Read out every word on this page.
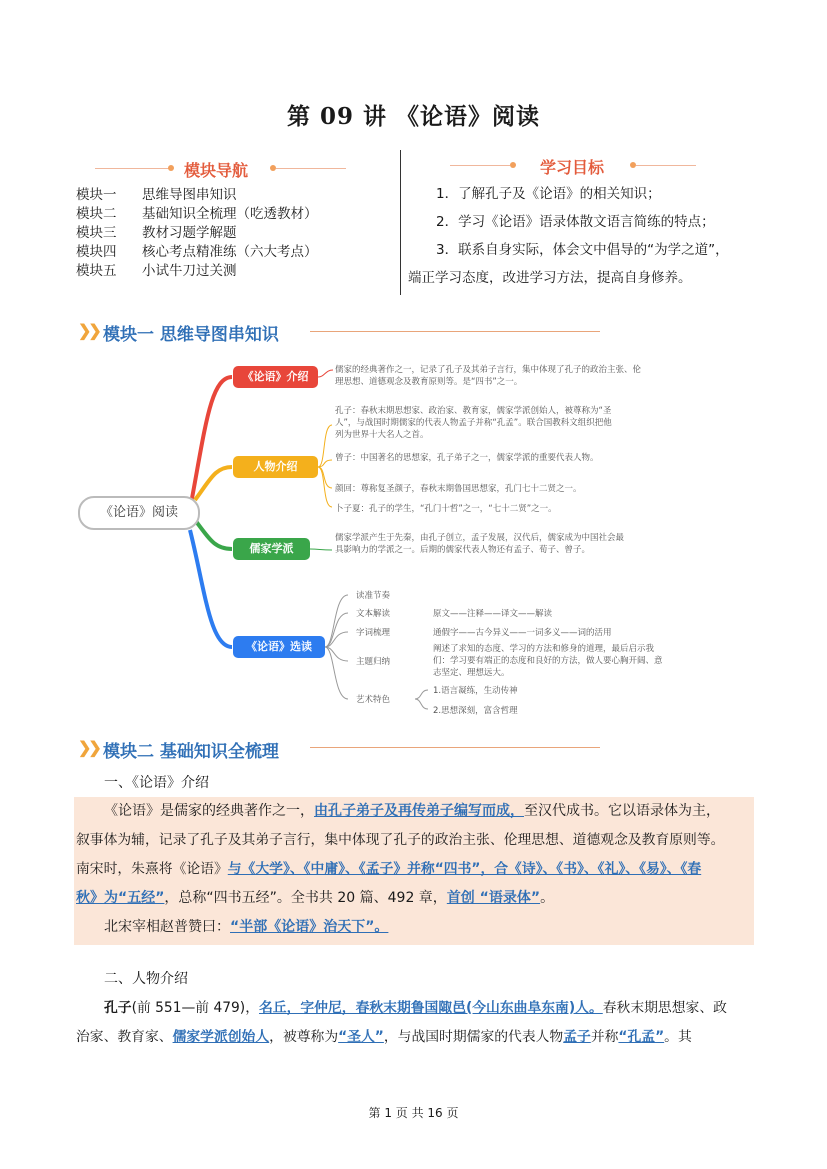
第 09 讲 《论语》阅读
模块导航
模块一	思维导图串知识
模块二	基础知识全梳理（吃透教材）
模块三	教材习题学解题
模块四	核心考点精准练（六大考点）
模块五	小试牛刀过关测
学习目标
1．了解孔子及《论语》的相关知识；
2．学习《论语》语录体散文语言简练的特点；
3．联系自身实际，体会文中倡导的“为学之道”，
端正学习态度，改进学习方法，提高自身修养。
❯❯ 模块一 思维导图串知识
《论语》阅读
《论语》介绍	儒家的经典著作之一，记录了孔子及其弟子言行，集中体现了孔子的政治主张、伦理思想、道德观念及教育原则等。是“四书”之一。
人物介绍
孔子：春秋末期思想家、政治家、教育家，儒家学派创始人，被尊称为“圣人”，与战国时期儒家的代表人物孟子并称“孔孟”。联合国教科文组织把他列为世界十大名人之首。
曾子：中国著名的思想家，孔子弟子之一，儒家学派的重要代表人物。
颜回：尊称复圣颜子，春秋末期鲁国思想家，孔门七十二贤之一。
卜子夏：孔子的学生，“孔门十哲”之一，“七十二贤”之一。
儒家学派
儒家学派产生于先秦，由孔子创立，孟子发展，汉代后，儒家成为中国社会最具影响力的学派之一。后期的儒家代表人物还有孟子、荀子、曾子。
《论语》选读
读准节奏
文本解读
字词梳理
主题归纳
艺术特色
原文——注释——译文——解读
通假字——古今异义——一词多义——词的活用
阐述了求知的态度、学习的方法和修身的道理，最后启示我们：学习要有端正的态度和良好的方法，做人要心胸开阔、意志坚定、理想远大。
1.语言凝练，生动传神
2.思想深刻，富含哲理
❯❯ 模块二 基础知识全梳理
一、《论语》介绍
《论语》是儒家的经典著作之一，由孔子弟子及再传弟子编写而成，至汉代成书。它以语录体为主，
叙事体为辅，记录了孔子及其弟子言行，集中体现了孔子的政治主张、伦理思想、道德观念及教育原则等。
南宋时，朱熹将《论语》与《大学》、《中庸》、《孟子》并称“四书”，合《诗》、《书》、《礼》、《易》、《春
秋》为“五经”，总称“四书五经”。全书共 20 篇、492 章，首创 “语录体”。
北宋宰相赵普赞曰：“半部《论语》治天下”。
二、人物介绍
孔子(前 551—前 479)，名丘，字仲尼，春秋末期鲁国陬邑(今山东曲阜东南)人。春秋末期思想家、政
治家、教育家、儒家学派创始人，被尊称为“圣人”，与战国时期儒家的代表人物孟子并称“孔孟”。其
第 1 页 共 16 页
